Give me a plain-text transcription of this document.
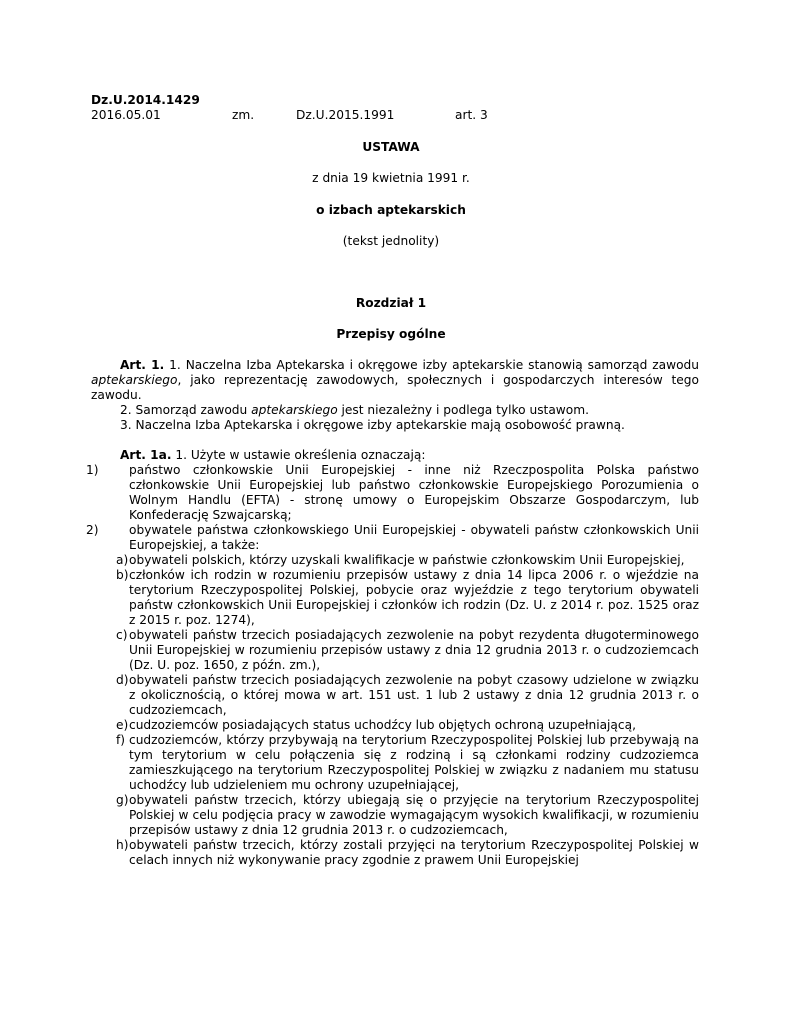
Dz.U.2014.1429
2016.05.01	zm.	Dz.U.2015.1991	art. 3
USTAWA
z dnia 19 kwietnia 1991 r.
o izbach aptekarskich
(tekst jednolity)
Rozdział 1
Przepisy ogólne

Art. 1. 1. Naczelna Izba Aptekarska i okręgowe izby aptekarskie stanowią samorząd zawodu aptekarskiego, jako reprezentację zawodowych, społecznych i gospodarczych interesów tego zawodu.

2. Samorząd zawodu aptekarskiego jest niezależny i podlega tylko ustawom.

3. Naczelna Izba Aptekarska i okręgowe izby aptekarskie mają osobowość prawną.

Art. 1a. 1. Użyte w ustawie określenia oznaczają:

1) państwo członkowskie Unii Europejskiej - inne niż Rzeczpospolita Polska państwo członkowskie Unii Europejskiej lub państwo członkowskie Europejskiego Porozumienia o Wolnym Handlu (EFTA) - stronę umowy o Europejskim Obszarze Gospodarczym, lub Konfederację Szwajcarską;

2) obywatele państwa członkowskiego Unii Europejskiej - obywateli państw członkowskich Unii Europejskiej, a także:

a) obywateli polskich, którzy uzyskali kwalifikacje w państwie członkowskim Unii Europejskiej,

b) członków ich rodzin w rozumieniu przepisów ustawy z dnia 14 lipca 2006 r. o wjeździe na terytorium Rzeczypospolitej Polskiej, pobycie oraz wyjeździe z tego terytorium obywateli państw członkowskich Unii Europejskiej i członków ich rodzin (Dz. U. z 2014 r. poz. 1525 oraz z 2015 r. poz. 1274),

c) obywateli państw trzecich posiadających zezwolenie na pobyt rezydenta długoterminowego Unii Europejskiej w rozumieniu przepisów ustawy z dnia 12 grudnia 2013 r. o cudzoziemcach (Dz. U. poz. 1650, z późn. zm.),

d) obywateli państw trzecich posiadających zezwolenie na pobyt czasowy udzielone w związku z okolicznością, o której mowa w art. 151 ust. 1 lub 2 ustawy z dnia 12 grudnia 2013 r. o cudzoziemcach,

e) cudzoziemców posiadających status uchodźcy lub objętych ochroną uzupełniającą,

f) cudzoziemców, którzy przybywają na terytorium Rzeczypospolitej Polskiej lub przebywają na tym terytorium w celu połączenia się z rodziną i są członkami rodziny cudzoziemca zamieszkującego na terytorium Rzeczypospolitej Polskiej w związku z nadaniem mu statusu uchodźcy lub udzieleniem mu ochrony uzupełniającej,

g) obywateli państw trzecich, którzy ubiegają się o przyjęcie na terytorium Rzeczypospolitej Polskiej w celu podjęcia pracy w zawodzie wymagającym wysokich kwalifikacji, w rozumieniu przepisów ustawy z dnia 12 grudnia 2013 r. o cudzoziemcach,

h) obywateli państw trzecich, którzy zostali przyjęci na terytorium Rzeczypospolitej Polskiej w celach innych niż wykonywanie pracy zgodnie z prawem Unii Europejskiej
